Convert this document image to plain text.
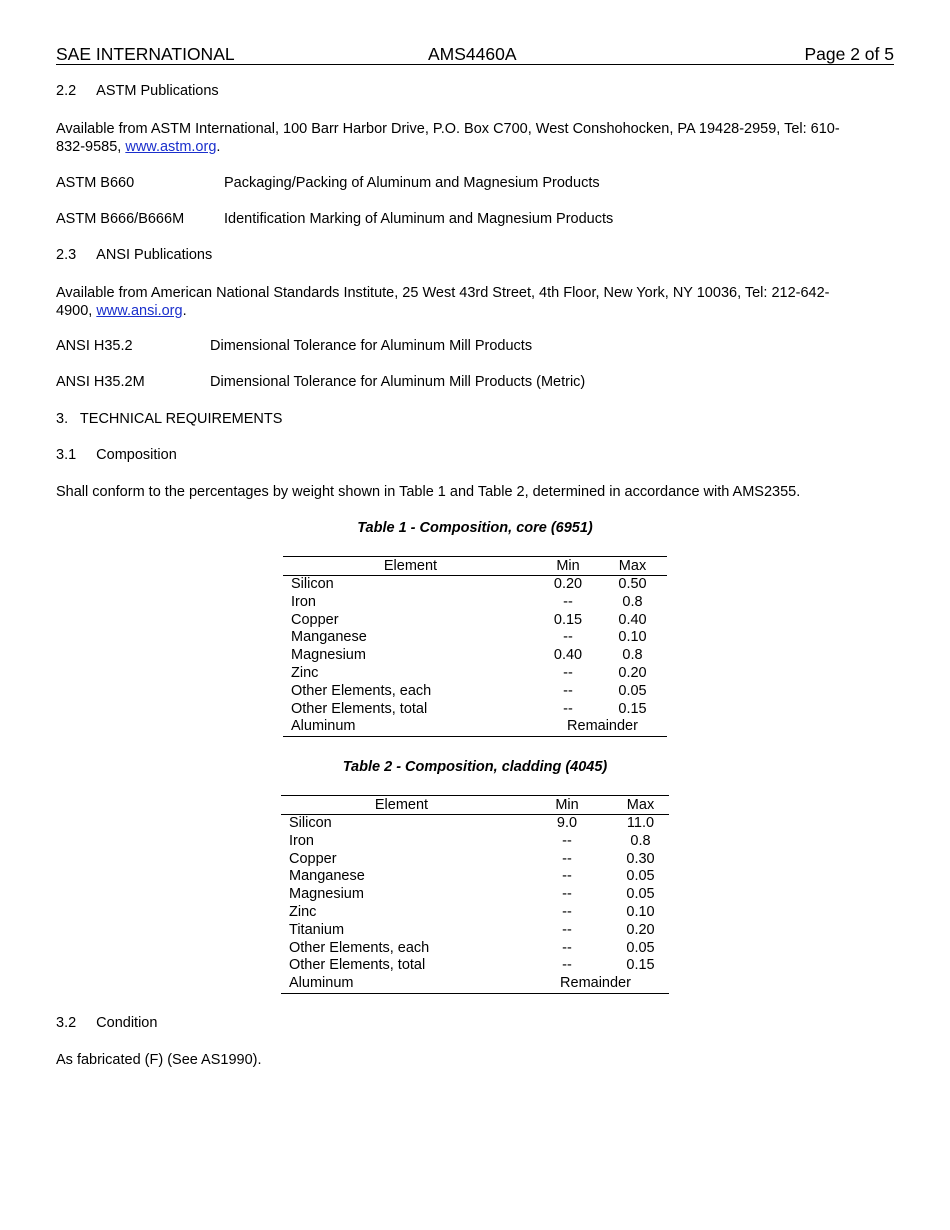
SAE INTERNATIONAL	AMS4460A	Page 2 of 5
2.2 ASTM Publications
Available from ASTM International, 100 Barr Harbor Drive, P.O. Box C700, West Conshohocken, PA 19428-2959, Tel: 610-
832-9585, www.astm.org.
ASTM B660	Packaging/Packing of Aluminum and Magnesium Products
ASTM B666/B666M	Identification Marking of Aluminum and Magnesium Products
2.3 ANSI Publications
Available from American National Standards Institute, 25 West 43rd Street, 4th Floor, New York, NY 10036, Tel: 212-642-
4900, www.ansi.org.
ANSI H35.2	Dimensional Tolerance for Aluminum Mill Products
ANSI H35.2M	Dimensional Tolerance for Aluminum Mill Products (Metric)
3.   TECHNICAL REQUIREMENTS
3.1 Composition
Shall conform to the percentages by weight shown in Table 1 and Table 2, determined in accordance with AMS2355.
Table 1 - Composition, core (6951)
Element	Min	Max
Silicon	0.20	0.50
Iron	--	0.8
Copper	0.15	0.40
Manganese	--	0.10
Magnesium	0.40	0.8
Zinc	--	0.20
Other Elements, each	--	0.05
Other Elements, total	--	0.15
Aluminum	Remainder	
Table 2 - Composition, cladding (4045)
Element	Min	Max
Silicon	9.0	11.0
Iron	--	0.8
Copper	--	0.30
Manganese	--	0.05
Magnesium	--	0.05
Zinc	--	0.10
Titanium	--	0.20
Other Elements, each	--	0.05
Other Elements, total	--	0.15
Aluminum	Remainder	
3.2 Condition
As fabricated (F) (See AS1990).
